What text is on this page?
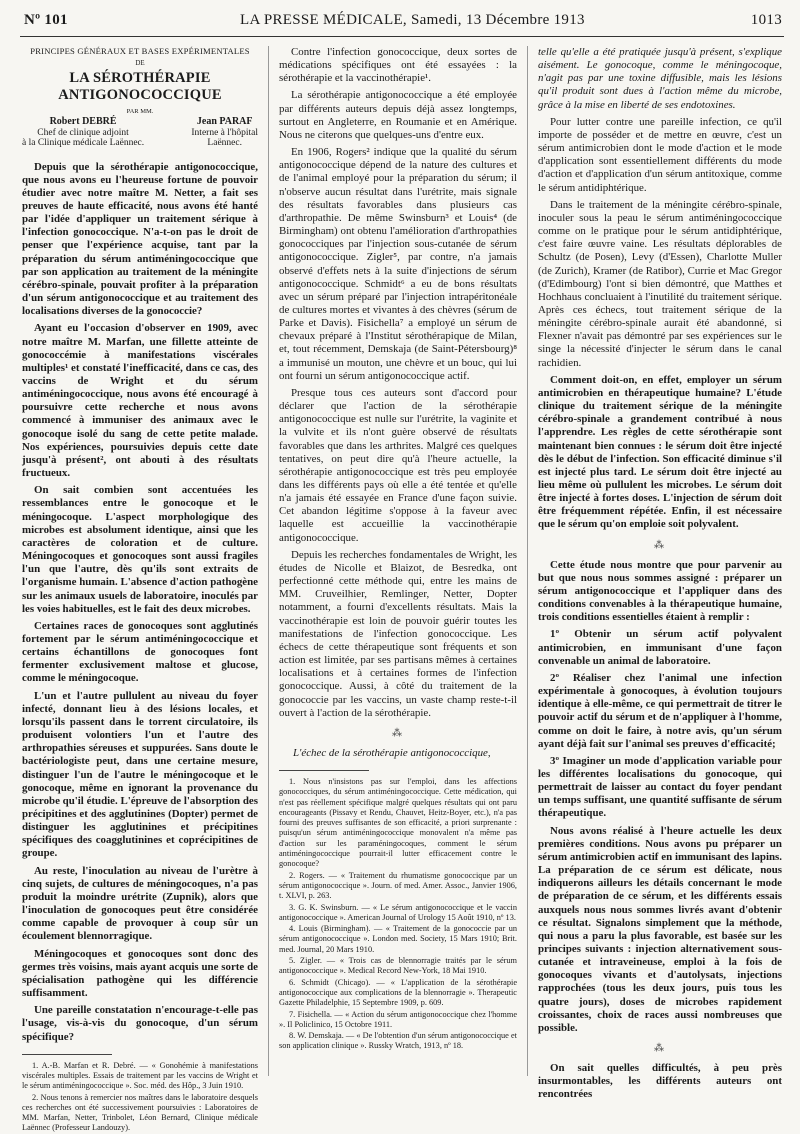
Nº 101	LA PRESSE MÉDICALE, Samedi, 13 Décembre 1913	1013
PRINCIPES GÉNÉRAUX ET BASES EXPÉRIMENTALES
DE
LA SÉROTHÉRAPIE ANTIGONOCOCCIQUE
PAR MM.
Robert DEBRÉ
Chef de clinique adjoint
à la Clinique médicale Laënnec.
Jean PARAF
Interne à l'hôpital
Laënnec.

Depuis que la sérothérapie antigonococcique, que nous avons eu l'heureuse fortune de pouvoir étudier avec notre maître M. Netter, a fait ses preuves de haute efficacité, nous avons été hanté par l'idée d'appliquer un traitement sérique à l'infection gonococcique. N'a-t-on pas le droit de penser que l'expérience acquise, tant par la préparation du sérum antiméningococcique que par son application au traitement de la méningite cérébro-spinale, pouvait profiter à la préparation d'un sérum antigonococcique et au traitement des localisations diverses de la gonococcie?

Ayant eu l'occasion d'observer en 1909, avec notre maître M. Marfan, une fillette atteinte de gonococcémie à manifestations viscérales multiples¹ et constaté l'inefficacité, dans ce cas, des vaccins de Wright et du sérum antiméningococcique, nous avons été encouragé à poursuivre cette recherche et nous avons commencé à immuniser des animaux avec le gonocoque isolé du sang de cette petite malade. Nos expériences, poursuivies depuis cette date jusqu'à présent², ont abouti à des résultats fructueux.

On sait combien sont accentuées les ressemblances entre le gonocoque et le méningocoque. L'aspect morphologique des microbes est absolument identique, ainsi que les caractères de coloration et de culture. Méningocoques et gonocoques sont aussi fragiles l'un que l'autre, dès qu'ils sont extraits de l'organisme humain. L'absence d'action pathogène sur les animaux usuels de laboratoire, inoculés par les voies habituelles, est le fait des deux microbes.

Certaines races de gonocoques sont agglutinés fortement par le sérum antiméningococcique et certains échantillons de gonocoques font fermenter exclusivement maltose et glucose, comme le méningocoque.

L'un et l'autre pullulent au niveau du foyer infecté, donnant lieu à des lésions locales, et lorsqu'ils passent dans le torrent circulatoire, ils produisent volontiers l'un et l'autre des arthropathies séreuses et suppurées. Sans doute le bactériologiste peut, dans une certaine mesure, distinguer l'un de l'autre le méningocoque et le gonocoque, même en ignorant la provenance du microbe qu'il étudie. L'épreuve de l'absorption des précipitines et des agglutinines (Dopter) permet de distinguer les agglutinines et précipitines spécifiques des coagglutinines et coprécipitines de groupe.

Au reste, l'inoculation au niveau de l'urètre à cinq sujets, de cultures de méningocoques, n'a pas produit la moindre urétrite (Zupnik), alors que l'inoculation de gonocoques peut être considérée comme capable de provoquer à coup sûr un écoulement blennorragique.

Méningocoques et gonocoques sont donc des germes très voisins, mais ayant acquis une sorte de spécialisation pathogène qui les différencie suffisamment.

Une pareille constatation n'encourage-t-elle pas l'usage, vis-à-vis du gonocoque, d'un sérum spécifique?

1. A.-B. Marfan et R. Debré. — « Gonohémie à manifestations viscérales multiples. Essais de traitement par les vaccins de Wright et le sérum antiméningococcique ». Soc. méd. des Hôp., 3 Juin 1910.

2. Nous tenons à remercier nos maîtres dans le laboratoire desquels ces recherches ont été successivement poursuivies : Laboratoires de MM. Marfan, Netter, Trinbolet, Léon Bernard, Clinique médicale Laënnec (Professeur Landouzy).

Contre l'infection gonococcique, deux sortes de médications spécifiques ont été essayées : la sérothérapie et la vaccinothérapie¹.

La sérothérapie antigonococcique a été employée par différents auteurs depuis déjà assez longtemps, surtout en Angleterre, en Roumanie et en Amérique. Nous ne citerons que quelques-uns d'entre eux.

En 1906, Rogers² indique que la qualité du sérum antigonococcique dépend de la nature des cultures et de l'animal employé pour la préparation du sérum; il n'observe aucun résultat dans l'urétrite, mais signale des résultats favorables dans plusieurs cas d'arthropathie. De même Swinsburn³ et Louis⁴ (de Birmingham) ont obtenu l'amélioration d'arthropathies gonococciques par l'injection sous-cutanée de sérum antigonococcique. Zigler⁵, par contre, n'a jamais observé d'effets nets à la suite d'injections de sérum antigonococcique. Schmidt⁶ a eu de bons résultats avec un sérum préparé par l'injection intrapéritonéale de cultures mortes et vivantes à des chèvres (sérum de Parke et Davis). Fisichella⁷ a employé un sérum de chevaux préparé à l'Institut sérothérapique de Milan, et, tout récemment, Demskaja (de Saint-Pétersbourg)⁸ a immunisé un mouton, une chèvre et un bouc, qui lui ont fourni un sérum antigonococcique actif.

Presque tous ces auteurs sont d'accord pour déclarer que l'action de la sérothérapie antigonococcique est nulle sur l'urétrite, la vaginite et la vulvite et ils n'ont guère observé de résultats favorables que dans les arthrites. Malgré ces quelques tentatives, on peut dire qu'à l'heure actuelle, la sérothérapie antigonococcique est très peu employée dans les différents pays où elle a été tentée et qu'elle n'a jamais été essayée en France d'une façon suivie. Cet abandon légitime s'oppose à la faveur avec laquelle est accueillie la vaccinothérapie antigonococcique.

Depuis les recherches fondamentales de Wright, les études de Nicolle et Blaizot, de Besredka, ont perfectionné cette méthode qui, entre les mains de MM. Cruveilhier, Remlinger, Netter, Dopter notamment, a fourni d'excellents résultats. Mais la vaccinothérapie est loin de pouvoir guérir toutes les manifestations de l'infection gonococcique. Les échecs de cette thérapeutique sont fréquents et son action est limitée, par ses partisans mêmes à certaines localisations et à certaines formes de l'infection gonococcique. Aussi, à côté du traitement de la gonococcie par les vaccins, un vaste champ reste-t-il ouvert à l'action de la sérothérapie.

⁂

L'échec de la sérothérapie antigonococcique,

1. Nous n'insistons pas sur l'emploi, dans les affections gonococciques, du sérum antiméningococcique. Cette médication, qui n'est pas réellement spécifique malgré quelques résultats qui ont paru encourageants (Pissavy et Rendu, Chauvet, Heitz-Boyer, etc.), n'a pas fourni des preuves suffisantes de son efficacité, a priori surprenante : puisqu'un sérum antiméningococcique monovalent n'a même pas d'action sur les paraméningocoques, comment le sérum antiméningococcique pourrait-il lutter efficacement contre le gonocoque?

2. Rogers. — « Traitement du rhumatisme gonococcique par un sérum antigonococcique ». Journ. of med. Amer. Assoc., Janvier 1906, t. XLVI, p. 263.

3. G. K. Swinsburn. — « Le sérum antigonococcique et le vaccin antigonococcique ». American Journal of Urology 15 Août 1910, nº 13.

4. Louis (Birmingham). — « Traitement de la gonococcie par un sérum antigonococcique ». London med. Society, 15 Mars 1910; Brit. med. Journal, 20 Mars 1910.

5. Zigler. — « Trois cas de blennorragie traités par le sérum antigonococcique ». Medical Record New-York, 18 Mai 1910.

6. Schmidt (Chicago). — « L'application de la sérothérapie antigonococcique aux complications de la blennorragie ». Therapeutic Gazette Philadelphie, 15 Septembre 1909, p. 609.

7. Fisichella. — « Action du sérum antigonococcique chez l'homme ». Il Policlinico, 15 Octobre 1911.

8. W. Demskaja. — « De l'obtention d'un sérum antigonococcique et son application clinique ». Russky Wratch, 1913, nº 18.

telle qu'elle a été pratiquée jusqu'à présent, s'explique aisément. Le gonocoque, comme le méningocoque, n'agit pas par une toxine diffusible, mais les lésions qu'il produit sont dues à l'action même du microbe, grâce à la mise en liberté de ses endotoxines.

Pour lutter contre une pareille infection, ce qu'il importe de posséder et de mettre en œuvre, c'est un sérum antimicrobien dont le mode d'action et le mode d'application sont essentiellement différents du mode d'action et d'application d'un sérum antitoxique, comme le sérum antidiphtérique.

Dans le traitement de la méningite cérébro-spinale, inoculer sous la peau le sérum antiméningococcique comme on le pratique pour le sérum antidiphtérique, c'est faire œuvre vaine. Les résultats déplorables de Schultz (de Posen), Levy (d'Essen), Charlotte Muller (de Zurich), Kramer (de Ratibor), Currie et Mac Gregor (d'Edimbourg) l'ont si bien démontré, que Matthes et Hochhaus concluaient à l'inutilité du traitement sérique. Après ces échecs, tout traitement sérique de la méningite cérébro-spinale aurait été abandonné, si Flexner n'avait pas démontré par ses expériences sur le singe la nécessité d'injecter le sérum dans le canal rachidien.

Comment doit-on, en effet, employer un sérum antimicrobien en thérapeutique humaine? L'étude clinique du traitement sérique de la méningite cérébro-spinale a grandement contribué à nous l'apprendre. Les règles de cette sérothérapie sont maintenant bien connues : le sérum doit être injecté dès le début de l'infection. Son efficacité diminue s'il est injecté plus tard. Le sérum doit être injecté au lieu même où pullulent les microbes. Le sérum doit être injecté à fortes doses. L'injection de sérum doit être fréquemment répétée. Enfin, il est nécessaire que le sérum qu'on emploie soit polyvalent.

⁂

Cette étude nous montre que pour parvenir au but que nous nous sommes assigné : préparer un sérum antigonococcique et l'appliquer dans des conditions convenables à la thérapeutique humaine, trois conditions essentielles étaient à remplir :

1º Obtenir un sérum actif polyvalent antimicrobien, en immunisant d'une façon convenable un animal de laboratoire.

2º Réaliser chez l'animal une infection expérimentale à gonocoques, à évolution toujours identique à elle-même, ce qui permettrait de titrer le pouvoir actif du sérum et de n'appliquer à l'homme, comme on doit le faire, à notre avis, qu'un sérum ayant déjà fait sur l'animal ses preuves d'efficacité;

3º Imaginer un mode d'application variable pour les différentes localisations du gonocoque, qui permettrait de laisser au contact du foyer pendant un temps suffisant, une quantité suffisante de sérum thérapeutique.

Nous avons réalisé à l'heure actuelle les deux premières conditions. Nous avons pu préparer un sérum antimicrobien actif en immunisant des lapins. La préparation de ce sérum est délicate, nous indiquerons ailleurs les détails concernant le mode de préparation de ce sérum, et les différents essais auxquels nous nous sommes livrés avant d'obtenir ce résultat. Signalons simplement que la méthode, qui nous a paru la plus favorable, est basée sur les principes suivants : injection alternativement sous-cutanée et intraveineuse, emploi à la fois de gonocoques vivants et d'autolysats, injections rapprochées (tous les deux jours, puis tous les quatre jours), doses de microbes rapidement croissantes, choix de races aussi nombreuses que possible.

⁂

On sait quelles difficultés, à peu près insurmontables, les différents auteurs ont rencontrées
